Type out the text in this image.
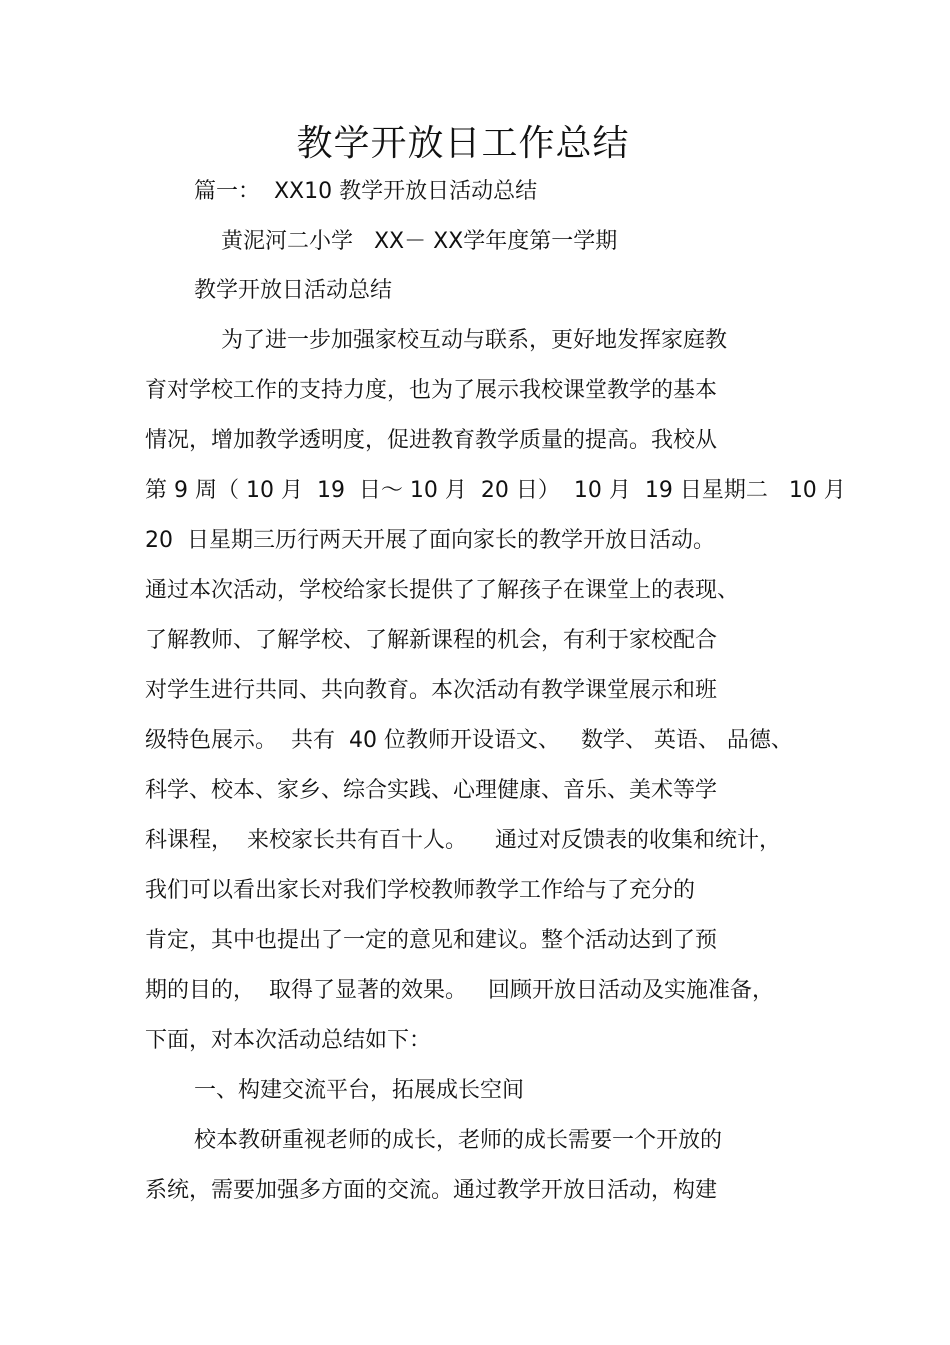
教学开放日工作总结
篇一：  XX10 教学开放日活动总结
黄泥河二小学   XX－ XX学年度第一学期
教学开放日活动总结
为了进一步加强家校互动与联系，更好地发挥家庭教
育对学校工作的支持力度，也为了展示我校课堂教学的基本
情况，增加教学透明度，促进教育教学质量的提高。我校从
第 9 周（ 10 月  19  日～ 10 月  20 日）  10 月  19 日星期二   10 月
20  日星期三历行两天开展了面向家长的教学开放日活动。
通过本次活动，学校给家长提供了了解孩子在课堂上的表现、
了解教师、了解学校、了解新课程的机会，有利于家校配合
对学生进行共同、共向教育。本次活动有教学课堂展示和班
级特色展示。  共有  40 位教师开设语文、   数学、 英语、 品德、
科学、校本、家乡、综合实践、心理健康、音乐、美术等学
科课程，  来校家长共有百十人。    通过对反馈表的收集和统计，
我们可以看出家长对我们学校教师教学工作给与了充分的
肯定，其中也提出了一定的意见和建议。整个活动达到了预
期的目的，  取得了显著的效果。   回顾开放日活动及实施准备，
下面，对本次活动总结如下：
一、构建交流平台，拓展成长空间
校本教研重视老师的成长，老师的成长需要一个开放的
系统，需要加强多方面的交流。通过教学开放日活动，构建
